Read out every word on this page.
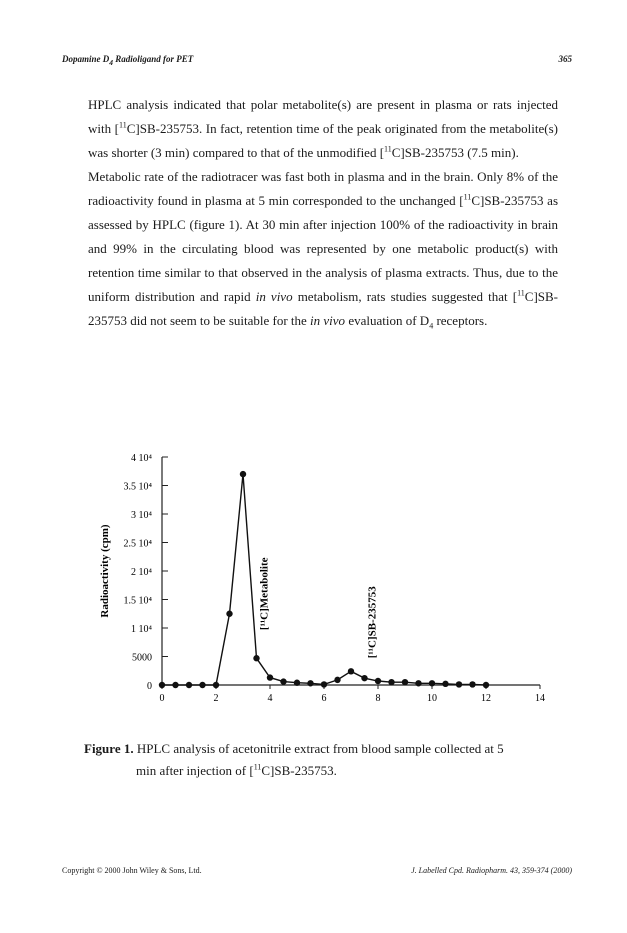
Dopamine $D_4$ Radioligand for PET	365

HPLC analysis indicated that polar metabolite(s) are present in plasma or rats injected with [$^{11}$C]SB-235753. In fact, retention time of the peak originated from the metabolite(s) was shorter (3 min) compared to that of the unmodified [$^{11}$C]SB-235753 (7.5 min).

Metabolic rate of the radiotracer was fast both in plasma and in the brain. Only 8% of the radioactivity found in plasma at 5 min corresponded to the unchanged [$^{11}$C]SB-235753 as assessed by HPLC (figure 1). At 30 min after injection 100% of the radioactivity in brain and 99% in the circulating blood was represented by one metabolic product(s) with retention time similar to that observed in the analysis of plasma extracts. Thus, due to the uniform distribution and rapid in vivo metabolism, rats studies suggested that [$^{11}$C]SB-235753 did not seem to be suitable for the in vivo evaluation of $D_4$ receptors.

0
5000
1 10⁴
1.5 10⁴
2 10⁴
2.5 10⁴
3 10⁴
3.5 10⁴
4 10⁴
0	2	4	6	8	10	12	14
Radioactivity (cpm)	[¹¹C]Metabolite	[¹¹C]SB-235753
Figure 1. HPLC analysis of acetonitrile extract from blood sample collected at 5
min after injection of [$^{11}$C]SB-235753.
Copyright © 2000 John Wiley & Sons, Ltd.	J. Labelled Cpd. Radiopharm. 43, 359-374 (2000)
